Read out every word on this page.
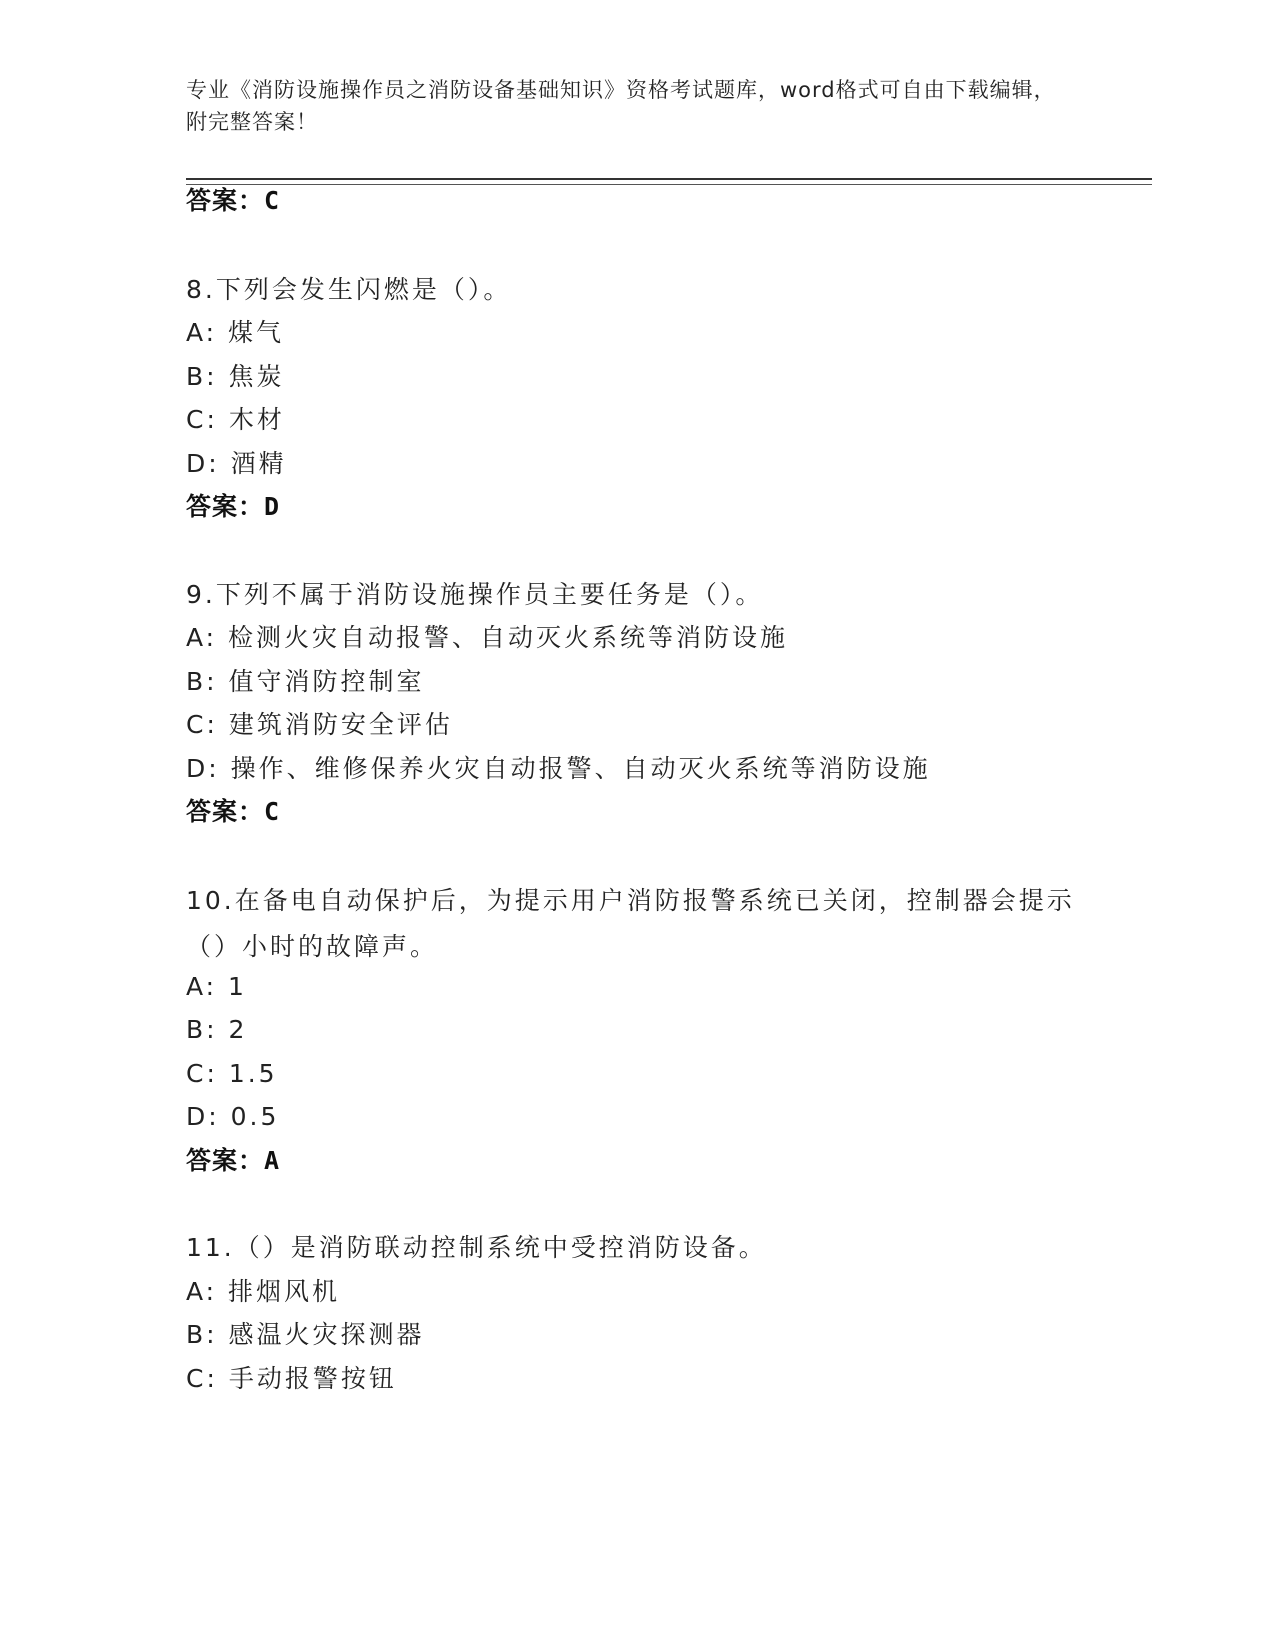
专业《消防设施操作员之消防设备基础知识》资格考试题库，word格式可自由下载编辑，附完整答案！
答案：C
8.下列会发生闪燃是（）。
A: 煤气
B: 焦炭
C: 木材
D: 酒精
答案：D
9.下列不属于消防设施操作员主要任务是（）。
A: 检测火灾自动报警、自动灭火系统等消防设施
B: 值守消防控制室
C: 建筑消防安全评估
D: 操作、维修保养火灾自动报警、自动灭火系统等消防设施
答案：C
10.在备电自动保护后，为提示用户消防报警系统已关闭，控制器会提示（）小时的故障声。
A: 1
B: 2
C: 1.5
D: 0.5
答案：A
11.（）是消防联动控制系统中受控消防设备。
A: 排烟风机
B: 感温火灾探测器
C: 手动报警按钮
